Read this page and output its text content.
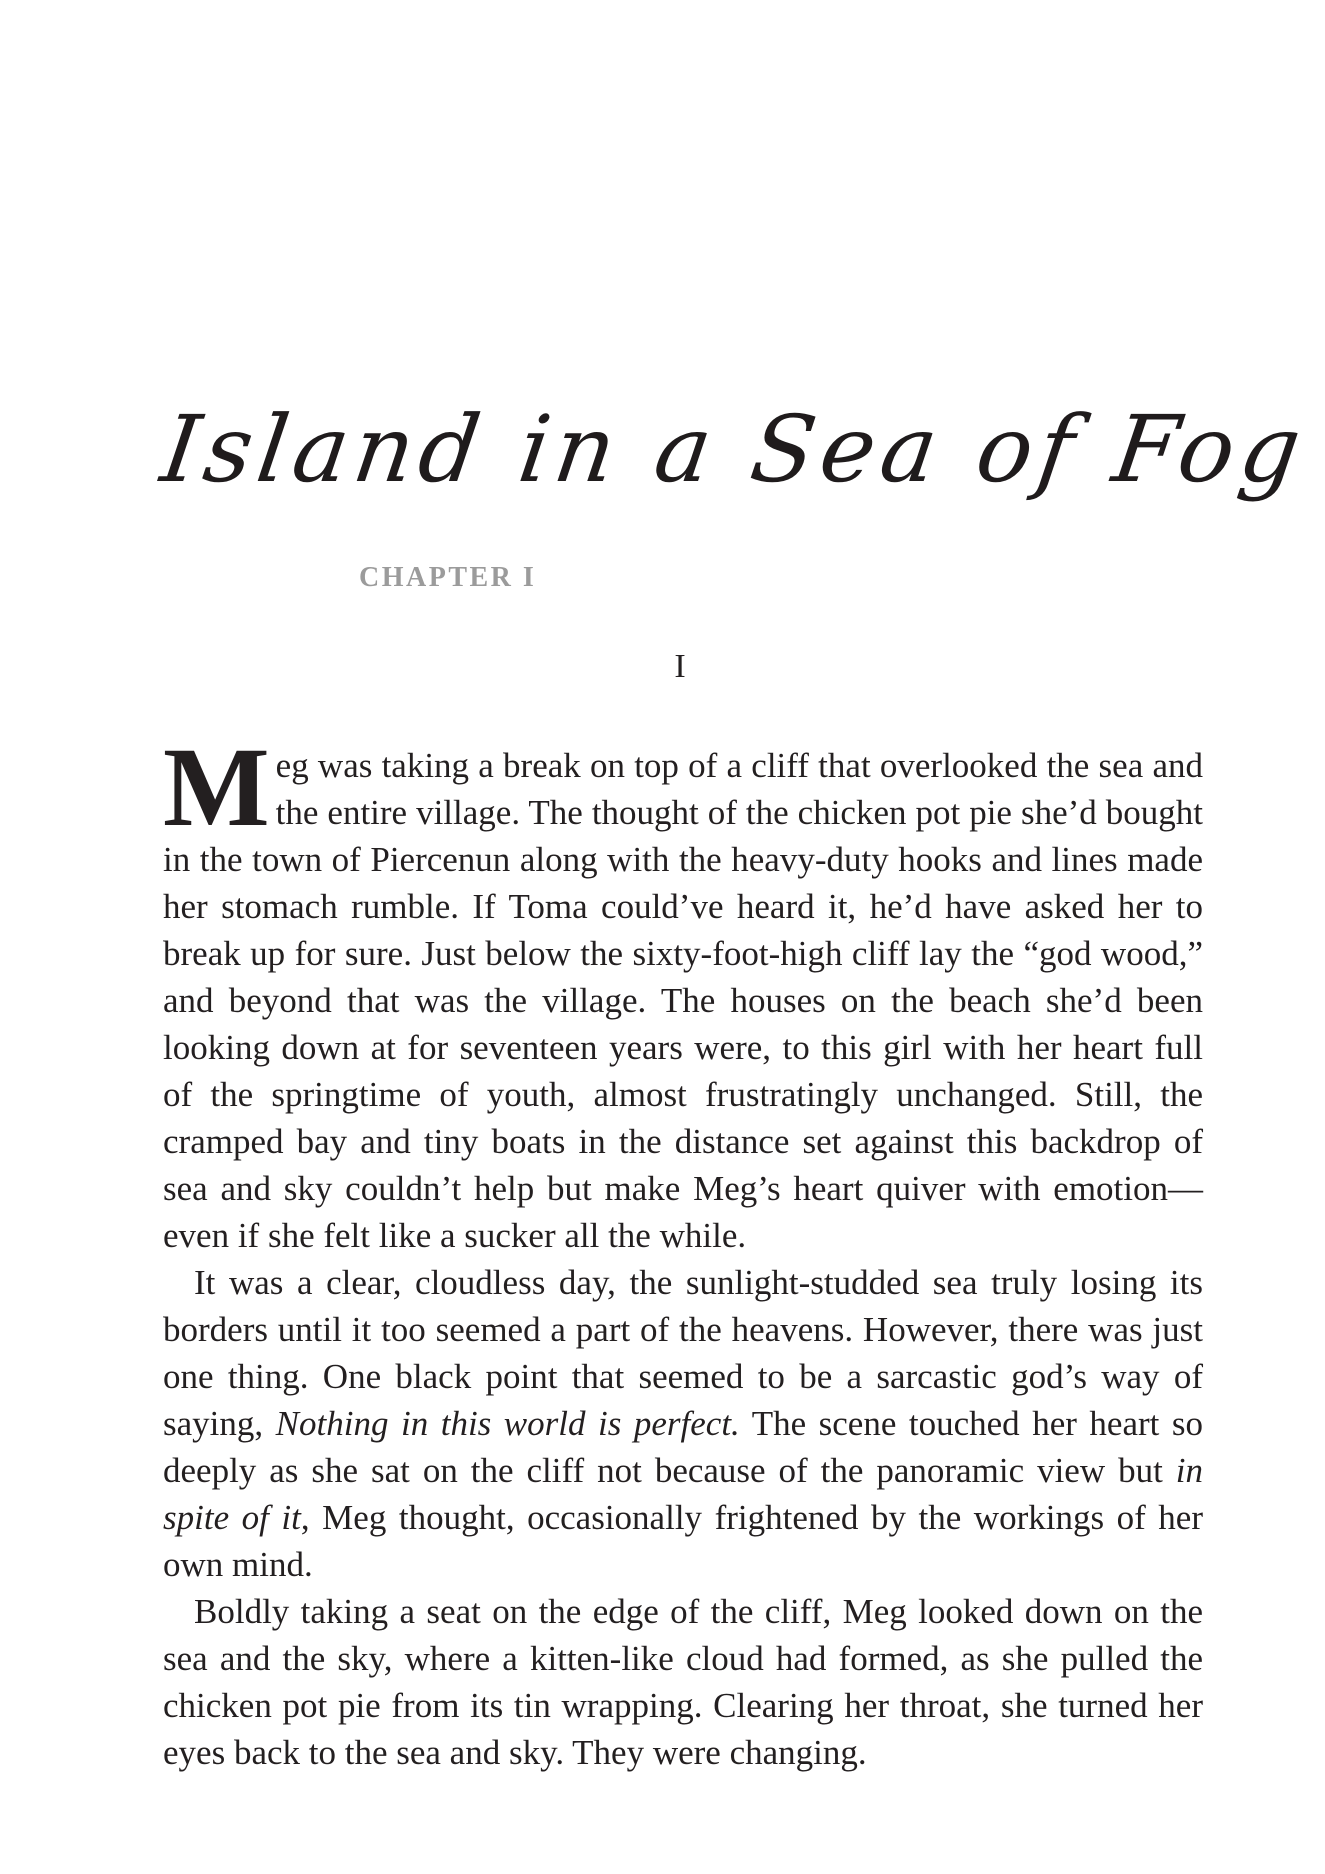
Island in a Sea of Fog
CHAPTER I
I

Meg was taking a break on top of a cliff that overlooked the sea and the entire village. The thought of the chicken pot pie she’d bought in the town of Piercenun along with the heavy-duty hooks and lines made her stomach rumble. If Toma could’ve heard it, he’d have asked her to break up for sure. Just below the sixty-foot-high cliff lay the “god wood,” and beyond that was the village. The houses on the beach she’d been looking down at for seventeen years were, to this girl with her heart full of the springtime of youth, almost frustratingly unchanged. Still, the cramped bay and tiny boats in the distance set against this backdrop of sea and sky couldn’t help but make Meg’s heart quiver with emotion—even if she felt like a sucker all the while.

It was a clear, cloudless day, the sunlight-studded sea truly losing its borders until it too seemed a part of the heavens. However, there was just one thing. One black point that seemed to be a sarcastic god’s way of saying, Nothing in this world is perfect. The scene touched her heart so deeply as she sat on the cliff not because of the panoramic view but in spite of it, Meg thought, occasionally frightened by the workings of her own mind.

Boldly taking a seat on the edge of the cliff, Meg looked down on the sea and the sky, where a kitten-like cloud had formed, as she pulled the chicken pot pie from its tin wrapping. Clearing her throat, she turned her eyes back to the sea and sky. They were changing.
